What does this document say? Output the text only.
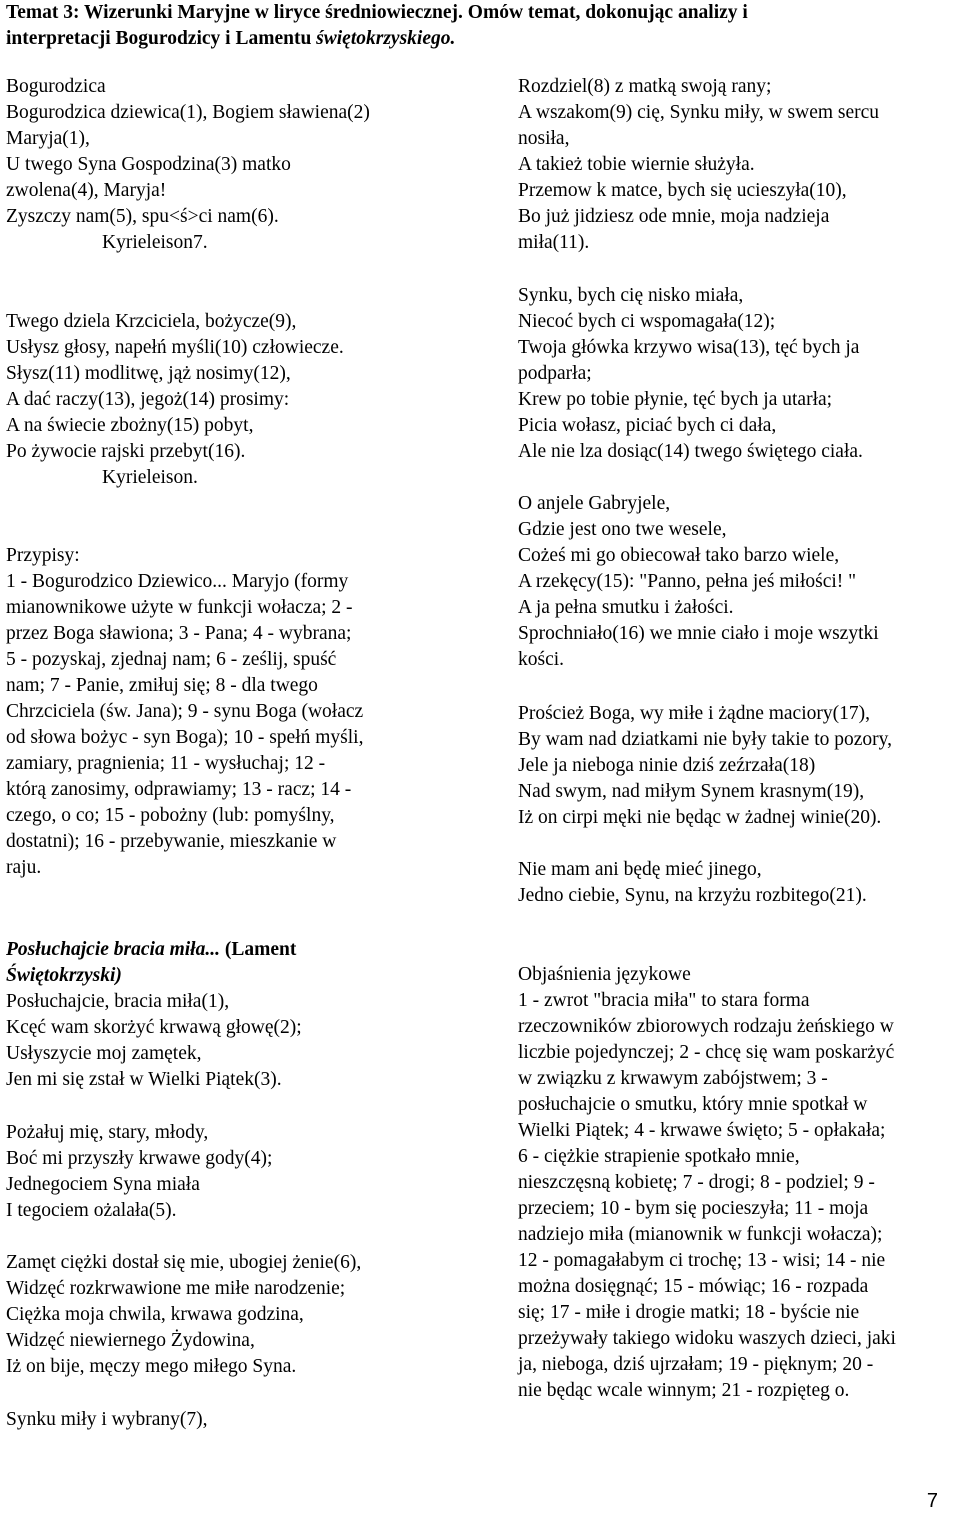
Temat 3: Wizerunki Maryjne w liryce średniowiecznej. Omów temat, dokonując analizy i
interpretacji Bogurodzicy i Lamentu świętokrzyskiego.
Bogurodzica
Bogurodzica dziewica(1), Bogiem sławiena(2)
Maryja(1),
U twego Syna Gospodzina(3) matko
zwolena(4), Maryja!
Zyszczy nam(5), spu<ś>ci nam(6).
Kyrieleison7.
Twego dziela Krzciciela, bożycze(9),
Usłysz głosy, napełń myśli(10) człowiecze.
Słysz(11) modlitwę, jąż nosimy(12),
A dać raczy(13), jegoż(14) prosimy:
A na świecie zbożny(15) pobyt,
Po żywocie rajski przebyt(16).
Kyrieleison.
Przypisy:
1 - Bogurodzico Dziewico... Maryjo (formy
mianownikowe użyte w funkcji wołacza; 2 -
przez Boga sławiona; 3 - Pana; 4 - wybrana;
5 - pozyskaj, zjednaj nam; 6 - ześlij, spuść
nam; 7 - Panie, zmiłuj się; 8 - dla twego
Chrzciciela (św. Jana); 9 - synu Boga (wołacz
od słowa bożyc - syn Boga); 10 - spełń myśli,
zamiary, pragnienia; 11 - wysłuchaj; 12 -
którą zanosimy, odprawiamy; 13 - racz; 14 -
czego, o co; 15 - pobożny (lub: pomyślny,
dostatni); 16 - przebywanie, mieszkanie w
raju.
Posłuchajcie bracia miła... (Lament
Świętokrzyski)
Posłuchajcie, bracia miła(1),
Kcęć wam skorżyć krwawą głowę(2);
Usłyszycie moj zamętek,
Jen mi się zstał w Wielki Piątek(3).
Pożałuj mię, stary, młody,
Boć mi przyszły krwawe gody(4);
Jednegociem Syna miała
I tegociem ożalała(5).
Zamęt ciężki dostał się mie, ubogiej żenie(6),
Widzęć rozkrwawione me miłe narodzenie;
Ciężka moja chwila, krwawa godzina,
Widzęć niewiernego Żydowina,
Iż on bije, męczy mego miłego Syna.
Synku miły i wybrany(7),
Rozdziel(8) z matką swoją rany;
A wszakom(9) cię, Synku miły, w swem sercu
nosiła,
A takież tobie wiernie służyła.
Przemow k matce, bych się ucieszyła(10),
Bo już jidziesz ode mnie, moja nadzieja
miła(11).
Synku, bych cię nisko miała,
Niecoć bych ci wspomagała(12);
Twoja główka krzywo wisa(13), tęć bych ja
podparła;
Krew po tobie płynie, tęć bych ja utarła;
Picia wołasz, piciać bych ci dała,
Ale nie lza dosiąc(14) twego świętego ciała.
O anjele Gabryjele,
Gdzie jest ono twe wesele,
Cożeś mi go obiecował tako barzo wiele,
A rzekęcy(15): "Panno, pełna jeś miłości! "
A ja pełna smutku i żałości.
Sprochniało(16) we mnie ciało i moje wszytki
kości.
Proścież Boga, wy miłe i żądne maciory(17),
By wam nad dziatkami nie były takie to pozory,
Jele ja nieboga ninie dziś zeźrzała(18)
Nad swym, nad miłym Synem krasnym(19),
Iż on cirpi męki nie będąc w żadnej winie(20).
Nie mam ani będę mieć jinego,
Jedno ciebie, Synu, na krzyżu rozbitego(21).
Objaśnienia językowe
1 - zwrot "bracia miła" to stara forma
rzeczowników zbiorowych rodzaju żeńskiego w
liczbie pojedynczej; 2 - chcę się wam poskarżyć
w związku z krwawym zabójstwem; 3 -
posłuchajcie o smutku, który mnie spotkał w
Wielki Piątek; 4 - krwawe święto; 5 - opłakała;
6 - ciężkie strapienie spotkało mnie,
nieszczęsną kobietę; 7 - drogi; 8 - podziel; 9 -
przeciem; 10 - bym się pocieszyła; 11 - moja
nadziejo miła (mianownik w funkcji wołacza);
12 - pomagałabym ci trochę; 13 - wisi; 14 - nie
można dosięgnąć; 15 - mówiąc; 16 - rozpada
się; 17 - miłe i drogie matki; 18 - byście nie
przeżywały takiego widoku waszych dzieci, jaki
ja, nieboga, dziś ujrzałam; 19 - pięknym; 20 -
nie będąc wcale winnym; 21 - rozpięteg o.
7
